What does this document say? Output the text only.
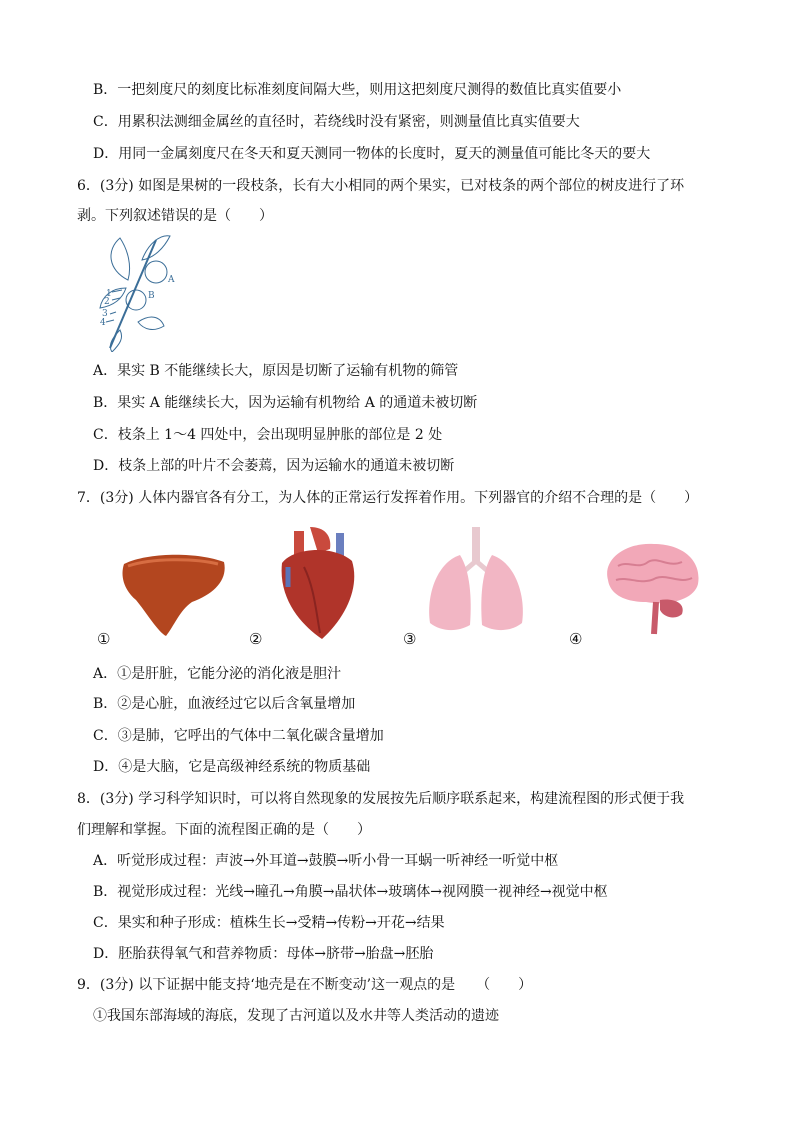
B．一把刻度尺的刻度比标准刻度间隔大些，则用这把刻度尺测得的数值比真实值要小
C．用累积法测细金属丝的直径时，若绕线时没有紧密，则测量值比真实值要大
D．用同一金属刻度尺在冬天和夏天测同一物体的长度时，夏天的测量值可能比冬天的要大
6．(3分) 如图是果树的一段枝条，长有大小相同的两个果实，已对枝条的两个部位的树皮进行了环
剥。下列叙述错误的是（　　）
A
B
1
2
3
4
A．果实 B 不能继续长大，原因是切断了运输有机物的筛管
B．果实 A 能继续长大，因为运输有机物给 A 的通道未被切断
C．枝条上 1～4 四处中，会出现明显肿胀的部位是 2 处
D．枝条上部的叶片不会萎蔫，因为运输水的通道未被切断
7．(3分) 人体内器官各有分工，为人体的正常运行发挥着作用。下列器官的介绍不合理的是（　　）
①	②	③	④
A．①是肝脏，它能分泌的消化液是胆汁
B．②是心脏，血液经过它以后含氧量增加
C．③是肺，它呼出的气体中二氧化碳含量增加
D．④是大脑，它是高级神经系统的物质基础
8．(3分) 学习科学知识时，可以将自然现象的发展按先后顺序联系起来，构建流程图的形式便于我
们理解和掌握。下面的流程图正确的是（　　）
A．听觉形成过程：声波→外耳道→鼓膜→听小骨一耳蜗一听神经一听觉中枢
B．视觉形成过程：光线→瞳孔→角膜→晶状体→玻璃体→视网膜一视神经→视觉中枢
C．果实和种子形成：植株生长→受精→传粉→开花→结果
D．胚胎获得氧气和营养物质：母体→脐带→胎盘→胚胎
9．(3分) 以下证据中能支持‘地壳是在不断变动’这一观点的是　　（　　）
①我国东部海域的海底，发现了古河道以及水井等人类活动的遗迹
